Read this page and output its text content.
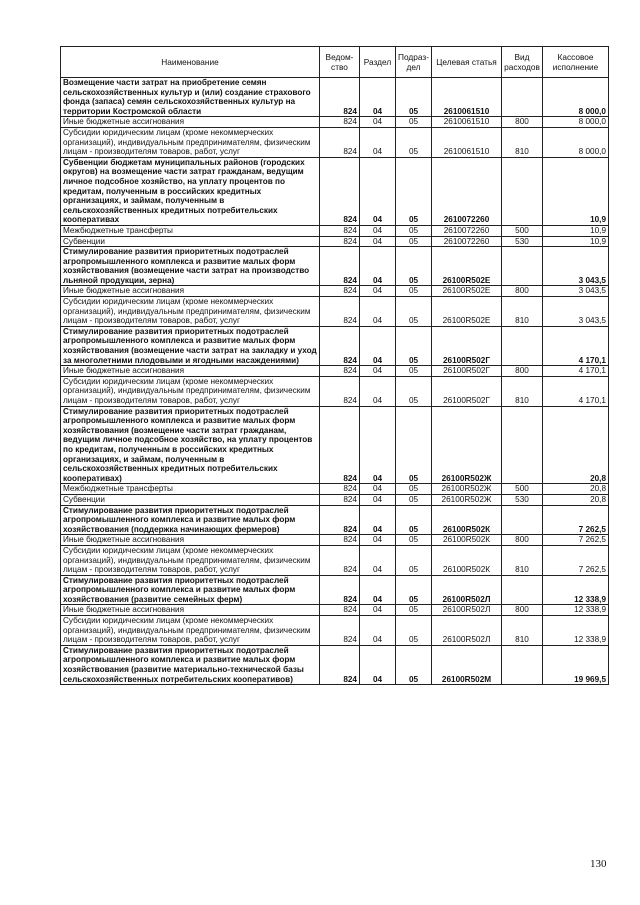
Наименование	Ведом-ство	Раздел	Подраз-дел	Целевая статья	Вид расходов	Кассовое исполнение
Возмещение части затрат на приобретение семян сельскохозяйственных культур и (или) создание страхового фонда (запаса) семян сельскохозяйственных культур на территории Костромской области	824	04	05	2610061510		8 000,0
Иные бюджетные ассигнования	824	04	05	2610061510	800	8 000,0
Субсидии юридическим лицам (кроме некоммерческих организаций), индивидуальным предпринимателям, физическим лицам - производителям товаров, работ, услуг	824	04	05	2610061510	810	8 000,0
Субвенции бюджетам муниципальных районов (городских округов) на возмещение части затрат гражданам, ведущим личное подсобное хозяйство, на уплату процентов по кредитам, полученным в российских кредитных организациях, и займам, полученным в сельскохозяйственных кредитных потребительских кооперативах	824	04	05	2610072260		10,9
Межбюджетные трансферты	824	04	05	2610072260	500	10,9
Субвенции	824	04	05	2610072260	530	10,9
Стимулирование развития приоритетных подотраслей агропромышленного комплекса и развитие малых форм хозяйствования (возмещение части затрат на производство льняной продукции, зерна)	824	04	05	26100R502E		3 043,5
Иные бюджетные ассигнования	824	04	05	26100R502E	800	3 043,5
Субсидии юридическим лицам (кроме некоммерческих организаций), индивидуальным предпринимателям, физическим лицам - производителям товаров, работ, услуг	824	04	05	26100R502E	810	3 043,5
Стимулирование развития приоритетных подотраслей агропромышленного комплекса и развитие малых форм хозяйствования (возмещение части затрат на закладку и уход за многолетними плодовыми и ягодными насаждениями)	824	04	05	26100R502Г		4 170,1
Иные бюджетные ассигнования	824	04	05	26100R502Г	800	4 170,1
Субсидии юридическим лицам (кроме некоммерческих организаций), индивидуальным предпринимателям, физическим лицам - производителям товаров, работ, услуг	824	04	05	26100R502Г	810	4 170,1
Стимулирование развития приоритетных подотраслей агропромышленного комплекса и развитие малых форм хозяйствования (возмещение части затрат гражданам, ведущим личное подсобное хозяйство, на уплату процентов по кредитам, полученным в российских кредитных организациях, и займам, полученным в сельскохозяйственных кредитных потребительских кооперативах)	824	04	05	26100R502Ж		20,8
Межбюджетные трансферты	824	04	05	26100R502Ж	500	20,8
Субвенции	824	04	05	26100R502Ж	530	20,8
Стимулирование развития приоритетных подотраслей агропромышленного комплекса и развитие малых форм хозяйствования (поддержка начинающих фермеров)	824	04	05	26100R502К		7 262,5
Иные бюджетные ассигнования	824	04	05	26100R502К	800	7 262,5
Субсидии юридическим лицам (кроме некоммерческих организаций), индивидуальным предпринимателям, физическим лицам - производителям товаров, работ, услуг	824	04	05	26100R502К	810	7 262,5
Стимулирование развития приоритетных подотраслей агропромышленного комплекса и развитие малых форм хозяйствования (развитие семейных ферм)	824	04	05	26100R502Л		12 338,9
Иные бюджетные ассигнования	824	04	05	26100R502Л	800	12 338,9
Субсидии юридическим лицам (кроме некоммерческих организаций), индивидуальным предпринимателям, физическим лицам - производителям товаров, работ, услуг	824	04	05	26100R502Л	810	12 338,9
Стимулирование развития приоритетных подотраслей агропромышленного комплекса и развитие малых форм хозяйствования (развитие материально-технической базы сельскохозяйственных потребительских кооперативов)	824	04	05	26100R502М		19 969,5
130
